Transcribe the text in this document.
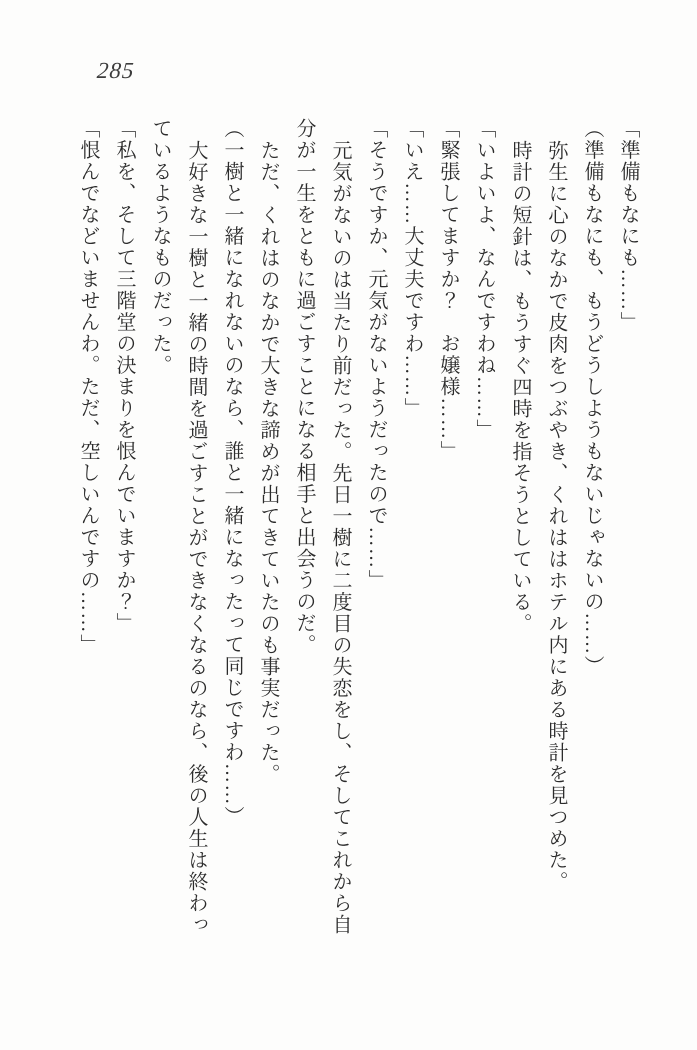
285

「準備もなにも……」

（準備もなにも、もうどうしようもないじゃないの……）

弥生に心のなかで皮肉をつぶやき、くれははホテル内にある時計を見つめた。

時計の短針は、もうすぐ四時を指そうとしている。

「いよいよ、なんですわね……」

「緊張してますか？　お嬢様……」

「いえ……大丈夫ですわ……」

「そうですか、元気がないようだったので……」

元気がないのは当たり前だった。先日一樹に二度目の失恋をし、そしてこれから自

分が一生をともに過ごすことになる相手と出会うのだ。

ただ、くれはのなかで大きな諦めが出てきていたのも事実だった。

（一樹と一緒になれないのなら、誰と一緒になったって同じですわ……）

大好きな一樹と一緒の時間を過ごすことができなくなるのなら、後の人生は終わっ

ているようなものだった。

「私を、そして三階堂の決まりを恨んでいますか？」

「恨んでなどいませんわ。ただ、空しいんですの……」
